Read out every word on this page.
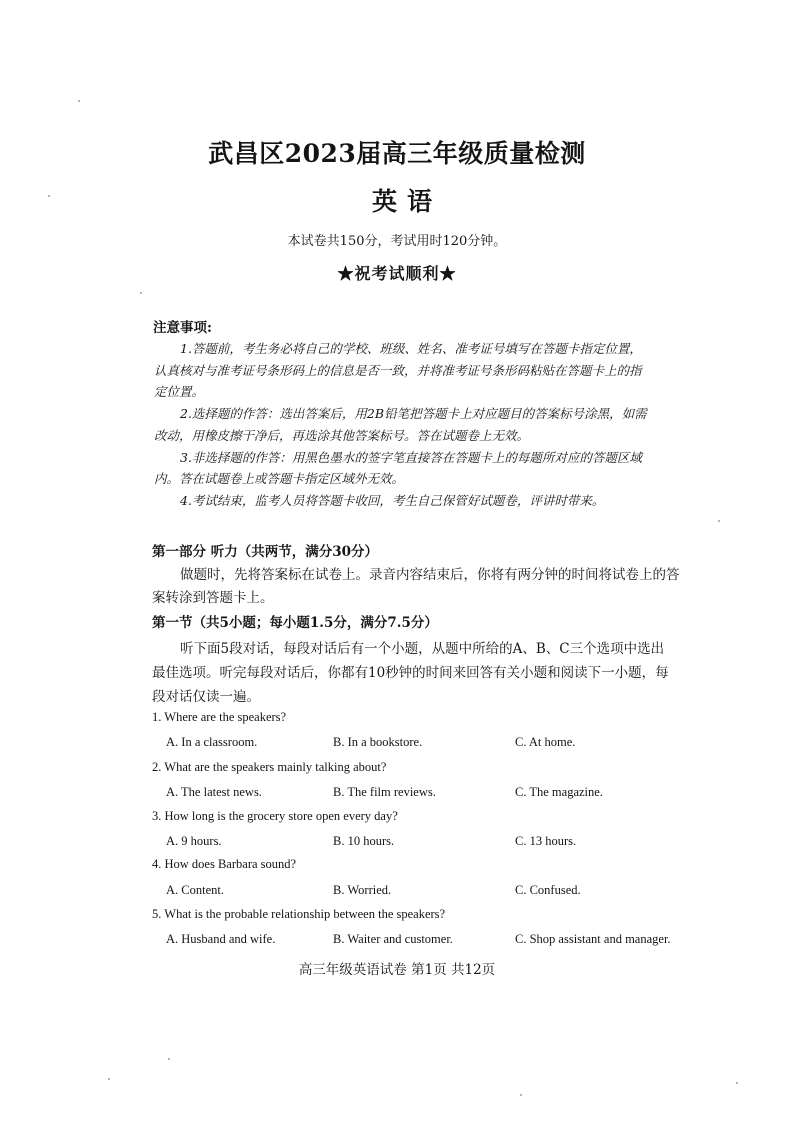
武昌区2023届高三年级质量检测
英语
本试卷共150分，考试用时120分钟。
★祝考试顺利★
注意事项:
1.答题前，考生务必将自己的学校、班级、姓名、准考证号填写在答题卡指定位置，
认真核对与准考证号条形码上的信息是否一致，并将准考证号条形码粘贴在答题卡上的指
定位置。
2.选择题的作答：选出答案后，用2B铅笔把答题卡上对应题目的答案标号涂黑，如需
改动，用橡皮擦干净后，再选涂其他答案标号。答在试题卷上无效。
3.非选择题的作答：用黑色墨水的签字笔直接答在答题卡上的每题所对应的答题区域
内。答在试题卷上或答题卡指定区域外无效。
4.考试结束，监考人员将答题卡收回，考生自己保管好试题卷，评讲时带来。
第一部分 听力（共两节，满分30分）
做题时，先将答案标在试卷上。录音内容结束后，你将有两分钟的时间将试卷上的答
案转涂到答题卡上。
第一节（共5小题；每小题1.5分，满分7.5分）
听下面5段对话，每段对话后有一个小题，从题中所给的A、B、C三个选项中选出
最佳选项。听完每段对话后，你都有10秒钟的时间来回答有关小题和阅读下一小题，每
段对话仅读一遍。
1. Where are the speakers?
A. In a classroom.	B. In a bookstore.	C. At home.
2. What are the speakers mainly talking about?
A. The latest news.	B. The film reviews.	C. The magazine.
3. How long is the grocery store open every day?
A. 9 hours.	B. 10 hours.	C. 13 hours.
4. How does Barbara sound?
A. Content.	B. Worried.	C. Confused.
5. What is the probable relationship between the speakers?
A. Husband and wife.	B. Waiter and customer.	C. Shop assistant and manager.
高三年级英语试卷 第1页 共12页
